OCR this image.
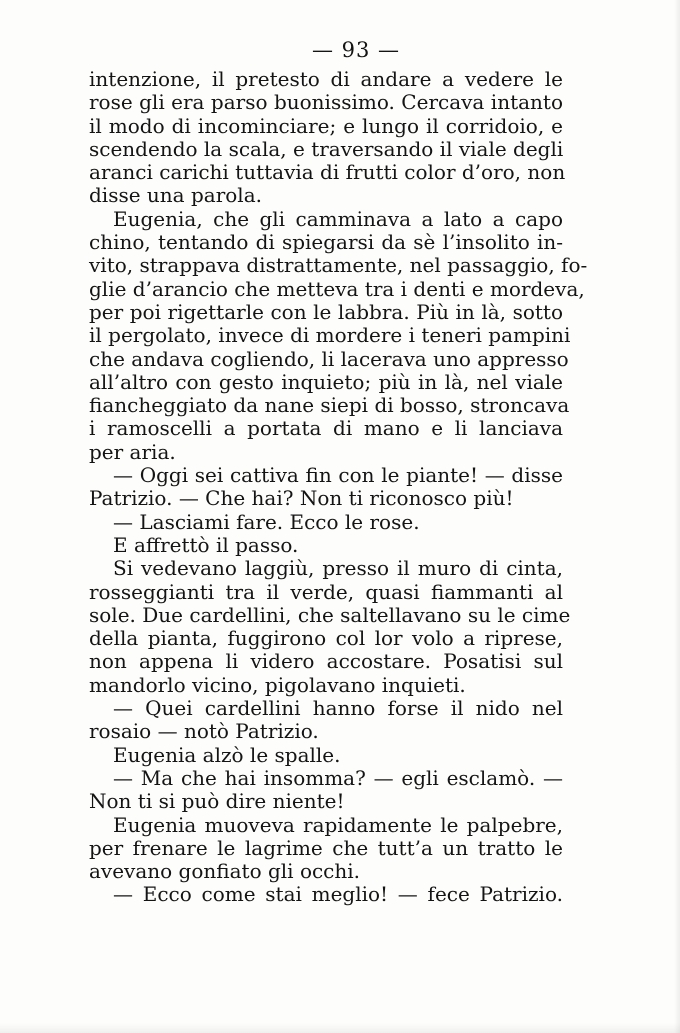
— 93 —
intenzione, il pretesto di andare a vedere le
rose gli era parso buonissimo. Cercava intanto
il modo di incominciare; e lungo il corridoio, e
scendendo la scala, e traversando il viale degli
aranci carichi tuttavia di frutti color d’oro, non
disse una parola.
Eugenia, che gli camminava a lato a capo
chino, tentando di spiegarsi da sè l’insolito in-
vito, strappava distrattamente, nel passaggio, fo-
glie d’arancio che metteva tra i denti e mordeva,
per poi rigettarle con le labbra. Più in là, sotto
il pergolato, invece di mordere i teneri pampini
che andava cogliendo, li lacerava uno appresso
all’altro con gesto inquieto; più in là, nel viale
fiancheggiato da nane siepi di bosso, stroncava
i ramoscelli a portata di mano e li lanciava
per aria.
— Oggi sei cattiva fin con le piante! — disse
Patrizio. — Che hai? Non ti riconosco più!
— Lasciami fare. Ecco le rose.
E affrettò il passo.
Si vedevano laggiù, presso il muro di cinta,
rosseggianti tra il verde, quasi fiammanti al
sole. Due cardellini, che saltellavano su le cime
della pianta, fuggirono col lor volo a riprese,
non appena li videro accostare. Posatisi sul
mandorlo vicino, pigolavano inquieti.
— Quei cardellini hanno forse il nido nel
rosaio — notò Patrizio.
Eugenia alzò le spalle.
— Ma che hai insomma? — egli esclamò. —
Non ti si può dire niente!
Eugenia muoveva rapidamente le palpebre,
per frenare le lagrime che tutt’a un tratto le
avevano gonfiato gli occhi.
— Ecco come stai meglio! — fece Patrizio.
